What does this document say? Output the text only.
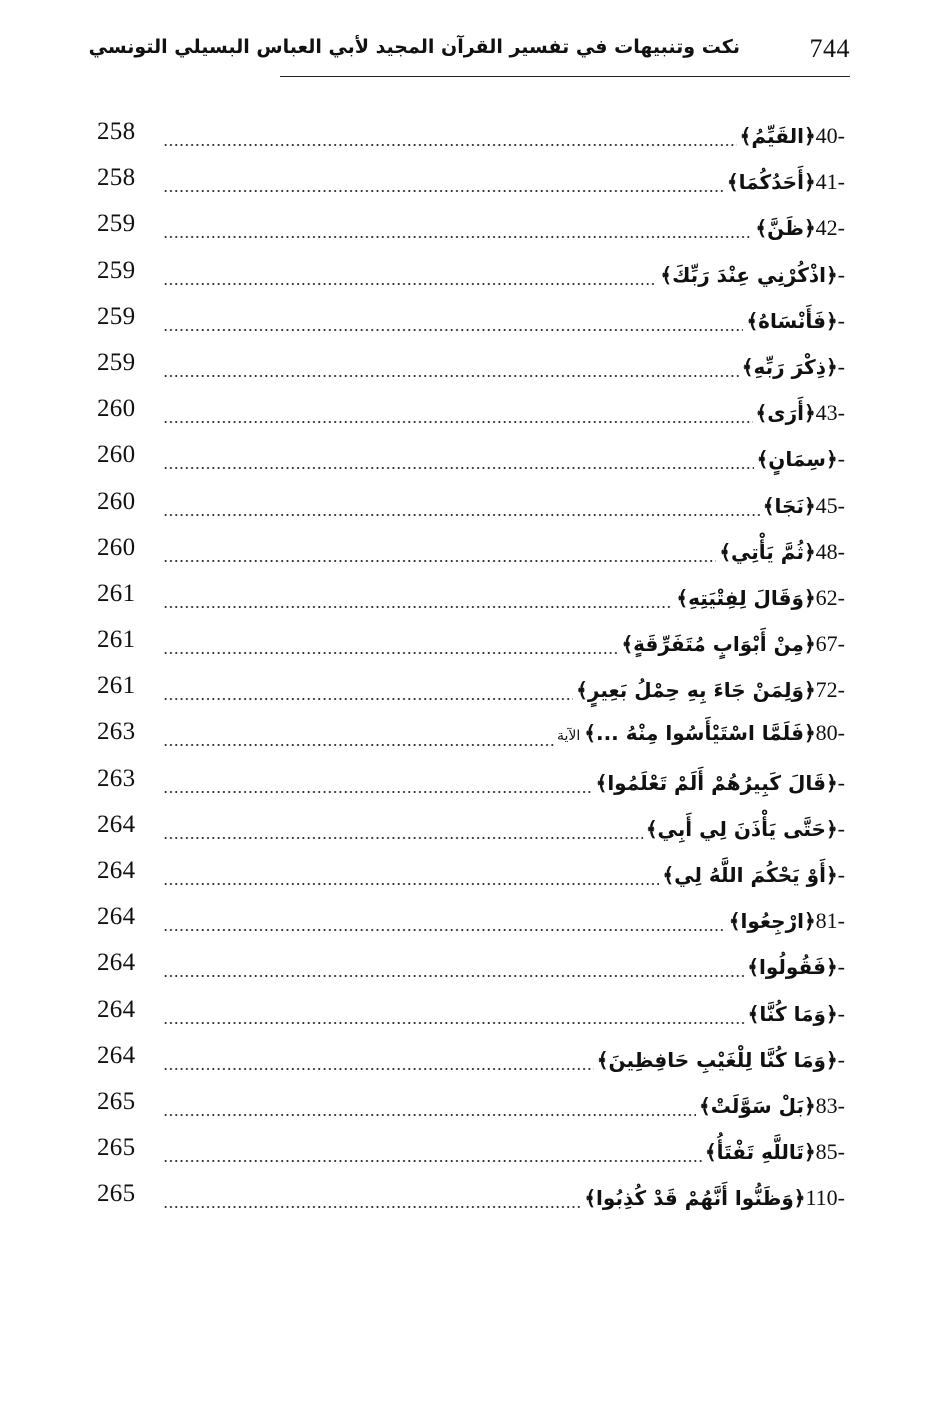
744
نكت وتنبيهات في تفسير القرآن المجيد لأبي العباس البسيلي التونسي
258	40-﴿القَيِّمُ﴾
258	41-﴿أَحَدُكُمَا﴾
259	42-﴿ظَنَّ﴾
259	-﴿اذْكُرْنِي عِنْدَ رَبِّكَ﴾
259	-﴿فَأَنْسَاهُ﴾
259	-﴿ذِكْرَ رَبِّهِ﴾
260	43-﴿أَرَى﴾
260	-﴿سِمَانٍ﴾
260	45-﴿نَجَا﴾
260	48-﴿ثُمَّ يَأْتِي﴾
261	62-﴿وَقَالَ لِفِتْيَتِهِ﴾
261	67-﴿مِنْ أَبْوَابٍ مُتَفَرِّقَةٍ﴾
261	72-﴿وَلِمَنْ جَاءَ بِهِ حِمْلُ بَعِيرٍ﴾
263	80-﴿فَلَمَّا اسْتَيْأَسُوا مِنْهُ ...﴾الآية
263	-﴿قَالَ كَبِيرُهُمْ أَلَمْ تَعْلَمُوا﴾
264	-﴿حَتَّى يَأْذَنَ لِي أَبِي﴾
264	-﴿أَوْ يَحْكُمَ اللَّهُ لِي﴾
264	81-﴿ارْجِعُوا﴾
264	-﴿فَقُولُوا﴾
264	-﴿وَمَا كُنَّا﴾
264	-﴿وَمَا كُنَّا لِلْغَيْبِ حَافِظِينَ﴾
265	83-﴿بَلْ سَوَّلَتْ﴾
265	85-﴿تَاللَّهِ تَفْتَأُ﴾
265	110-﴿وَظَنُّوا أَنَّهُمْ قَدْ كُذِبُوا﴾
